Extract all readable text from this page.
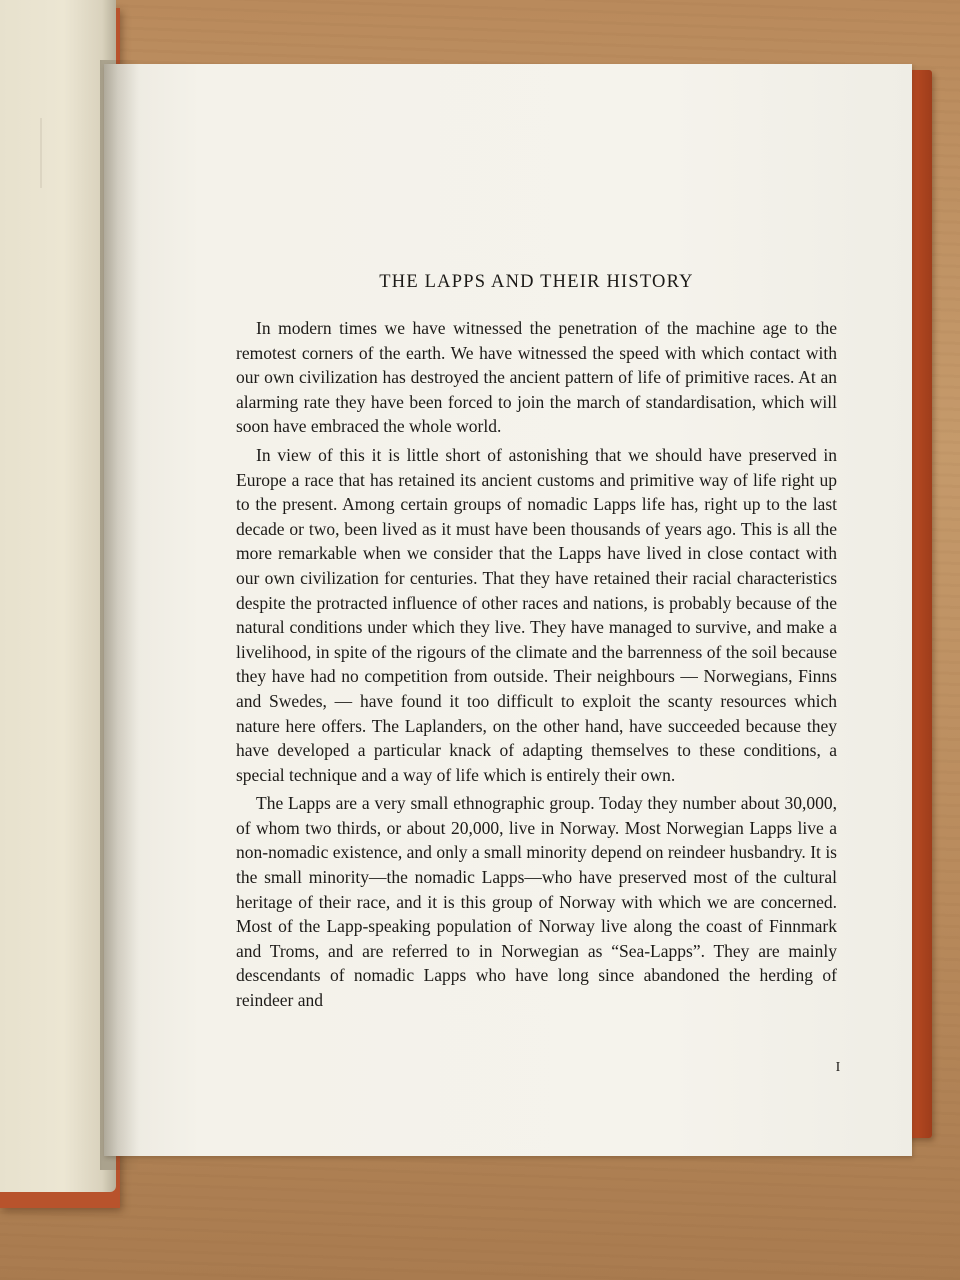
THE LAPPS AND THEIR HISTORY

In modern times we have witnessed the penetration of the machine age to the remotest corners of the earth. We have witnessed the speed with which contact with our own civilization has destroyed the ancient pattern of life of primitive races. At an alarming rate they have been forced to join the march of standardisation, which will soon have embraced the whole world.

In view of this it is little short of astonishing that we should have preserved in Europe a race that has retained its ancient customs and primitive way of life right up to the present. Among certain groups of nomadic Lapps life has, right up to the last decade or two, been lived as it must have been thousands of years ago. This is all the more remarkable when we consider that the Lapps have lived in close contact with our own civilization for centuries. That they have retained their racial characteristics despite the protracted influence of other races and nations, is probably because of the natural conditions under which they live. They have managed to survive, and make a livelihood, in spite of the rigours of the climate and the barrenness of the soil because they have had no competition from outside. Their neighbours — Norwegians, Finns and Swedes, — have found it too difficult to exploit the scanty resources which nature here offers. The Laplanders, on the other hand, have succeeded because they have developed a particular knack of adapting themselves to these conditions, a special technique and a way of life which is entirely their own.

The Lapps are a very small ethnographic group. Today they number about 30,000, of whom two thirds, or about 20,000, live in Norway. Most Norwegian Lapps live a non-nomadic existence, and only a small minority depend on reindeer husbandry. It is the small minority—the nomadic Lapps—who have preserved most of the cultural heritage of their race, and it is this group of Norway with which we are concerned. Most of the Lapp-speaking population of Norway live along the coast of Finnmark and Troms, and are referred to in Norwegian as “Sea-Lapps”. They are mainly descendants of nomadic Lapps who have long since abandoned the herding of reindeer and

I
